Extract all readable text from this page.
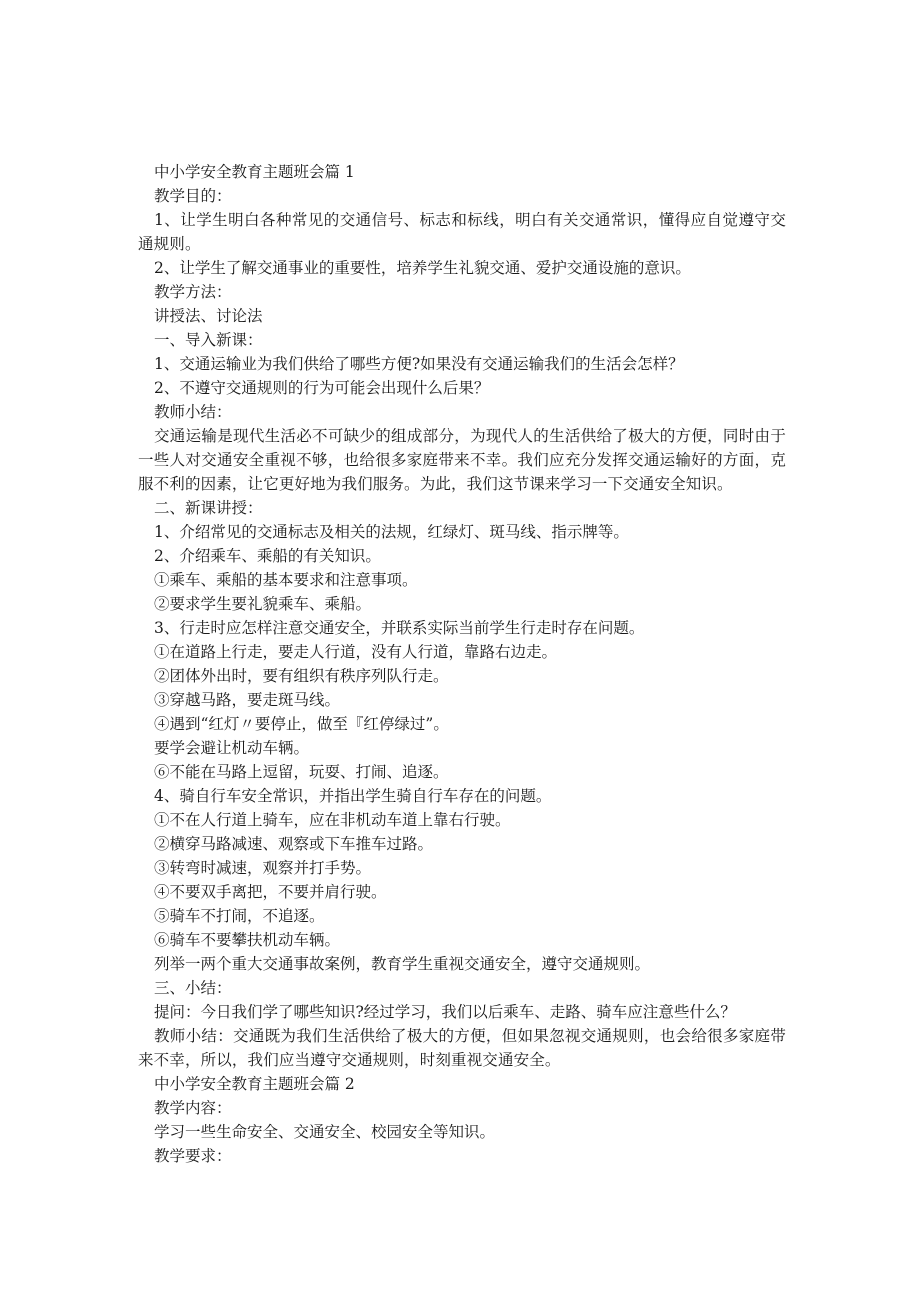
中小学安全教育主题班会篇 1

教学目的：

1、让学生明白各种常见的交通信号、标志和标线，明白有关交通常识，懂得应自觉遵守交通规则。

2、让学生了解交通事业的重要性，培养学生礼貌交通、爱护交通设施的意识。

教学方法：

讲授法、讨论法

一、导入新课：

1、交通运输业为我们供给了哪些方便?如果没有交通运输我们的生活会怎样？

2、不遵守交通规则的行为可能会出现什么后果？

教师小结：

交通运输是现代生活必不可缺少的组成部分，为现代人的生活供给了极大的方便，同时由于一些人对交通安全重视不够，也给很多家庭带来不幸。我们应充分发挥交通运输好的方面，克服不利的因素，让它更好地为我们服务。为此，我们这节课来学习一下交通安全知识。

二、新课讲授：

1、介绍常见的交通标志及相关的法规，红绿灯、斑马线、指示牌等。

2、介绍乘车、乘船的有关知识。

①乘车、乘船的基本要求和注意事项。

②要求学生要礼貌乘车、乘船。

3、行走时应怎样注意交通安全，并联系实际当前学生行走时存在问题。

①在道路上行走，要走人行道，没有人行道，靠路右边走。

②团体外出时，要有组织有秩序列队行走。

③穿越马路，要走斑马线。

④遇到“红灯〃要停止，做至『红停绿过”。

要学会避让机动车辆。

⑥不能在马路上逗留，玩耍、打闹、追逐。

4、骑自行车安全常识，并指出学生骑自行车存在的问题。

①不在人行道上骑车，应在非机动车道上靠右行驶。

②横穿马路减速、观察或下车推车过路。

③转弯时减速，观察并打手势。

④不要双手离把，不要并肩行驶。

⑤骑车不打闹，不追逐。

⑥骑车不要攀扶机动车辆。

列举一两个重大交通事故案例，教育学生重视交通安全，遵守交通规则。

三、小结：

提问：今日我们学了哪些知识?经过学习，我们以后乘车、走路、骑车应注意些什么？

教师小结：交通既为我们生活供给了极大的方便，但如果忽视交通规则，也会给很多家庭带来不幸，所以，我们应当遵守交通规则，时刻重视交通安全。

中小学安全教育主题班会篇 2

教学内容：

学习一些生命安全、交通安全、校园安全等知识。

教学要求：
